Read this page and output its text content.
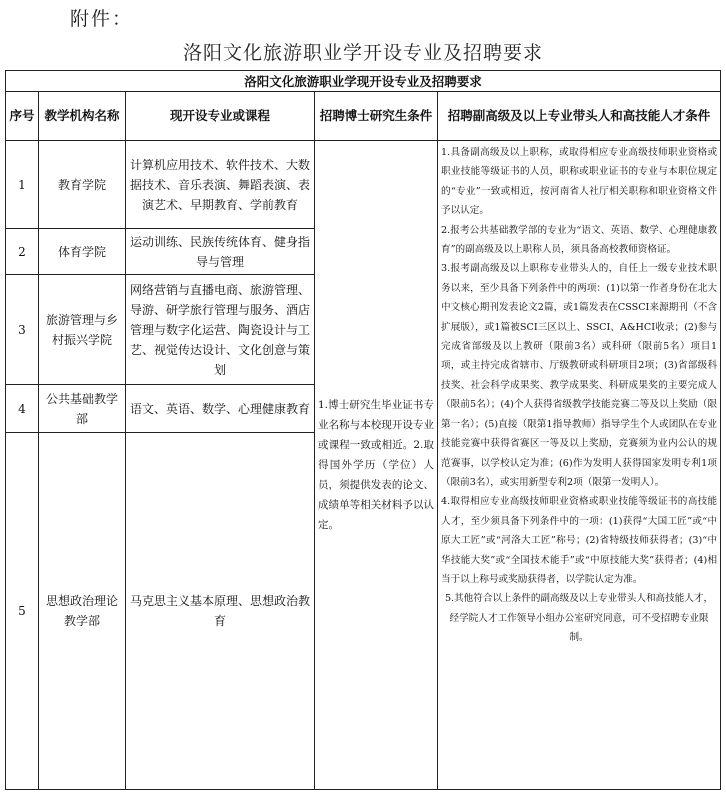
附件：
洛阳文化旅游职业学开设专业及招聘要求
洛阳文化旅游职业学现开设专业及招聘要求				
序号	教学机构名称	现开设专业或课程	招聘博士研究生条件	招聘副高级及以上专业带头人和高技能人才条件
1	教育学院	计算机应用技术、软件技术、大数据技术、音乐表演、舞蹈表演、表演艺术、早期教育、学前教育	1.博士研究生毕业证书专业名称与本校现开设专业或课程一致或相近。2.取得国外学历（学位）人员，须提供发表的论文、成绩单等相关材料予以认定。	1.具备副高级及以上职称，或取得相应专业高级技师职业资格或职业技能等级证书的人员，职称或职业证书的专业与本职位规定的“专业”一致或相近，按河南省人社厅相关职称和职业资格文件予以认定。

2.报考公共基础教学部的专业为“语文、英语、数学、心理健康教育”的副高级及以上职称人员，须具备高校教师资格证。

3.报考副高级及以上职称专业带头人的，自任上一级专业技术职务以来，至少具备下列条件中的两项：(1)以第一作者身份在北大中文核心期刊发表论文2篇，或1篇发表在CSSCI来源期刊（不含扩展版），或1篇被SCI三区以上、SSCI、A&HCI收录；(2)参与完成省部级及以上教研（限前3名）或科研（限前5名）项目1项，或主持完成省辖市、厅级教研或科研项目2项；(3)省部级科技奖、社会科学成果奖、教学成果奖、科研成果奖的主要完成人（限前5名）；(4)个人获得省级教学技能竞赛二等及以上奖励（限第一名）；(5)直接（限第1指导教师）指导学生个人或团队在专业技能竞赛中获得省赛区一等及以上奖励，竞赛须为业内公认的规范赛事，以学校认定为准；(6)作为发明人获得国家发明专利1项（限前3名），或实用新型专利2项（限第一发明人）。

4.取得相应专业高级技师职业资格或职业技能等级证书的高技能人才，至少须具备下列条件中的一项：(1)获得“大国工匠”或“中原大工匠”或“河洛大工匠”称号；(2)省特级技师获得者；(3)“中华技能大奖”或“全国技术能手”或“中原技能大奖”获得者；(4)相当于以上称号或奖励获得者，以学院认定为准。

5.其他符合以上条件的副高级及以上专业带头人和高技能人才，经学院人才工作领导小组办公室研究同意，可不受招聘专业限制。

2	体育学院	运动训练、民族传统体育、健身指导与管理		
3	旅游管理与乡村振兴学院	网络营销与直播电商、旅游管理、导游、研学旅行管理与服务、酒店管理与数字化运营、陶瓷设计与工艺、视觉传达设计、文化创意与策划		
4	公共基础教学部	语文、英语、数学、心理健康教育		
5	思想政治理论教学部	马克思主义基本原理、思想政治教育		
